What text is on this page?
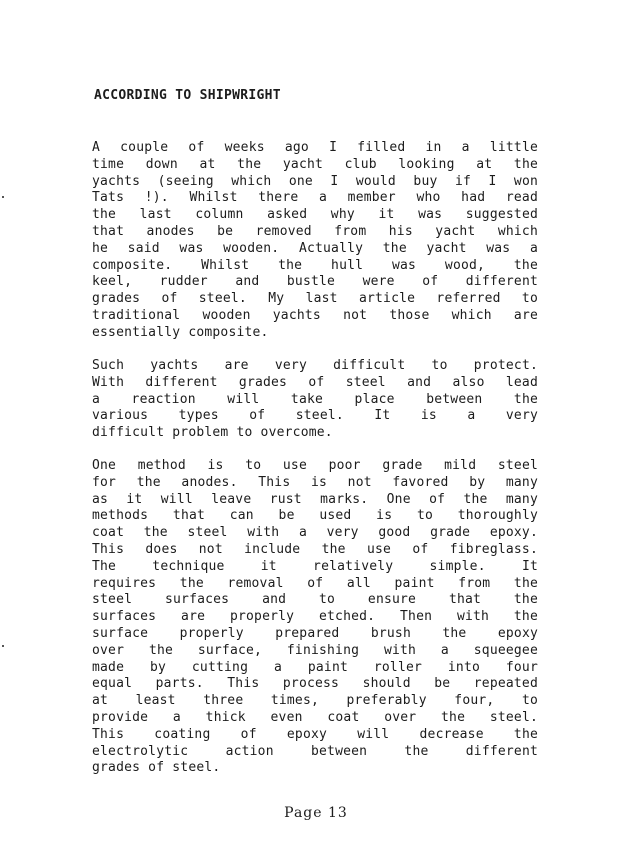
ACCORDING TO SHIPWRIGHT
A couple of weeks ago I filled in a little
time down at the yacht club looking at the
yachts (seeing which one I would buy if I won
Tats !). Whilst there a member who had read
the last column asked why it was suggested
that anodes be removed from his yacht which
he said was wooden. Actually the yacht was a
composite. Whilst the hull was wood, the
keel, rudder and bustle were of different
grades of steel. My last article referred to
traditional wooden yachts not those which are
essentially composite.
Such yachts are very difficult to protect.
With different grades of steel and also lead
a reaction will take place between the
various types of steel. It is a very
difficult problem to overcome.
One method is to use poor grade mild steel
for the anodes. This is not favored by many
as it will leave rust marks. One of the many
methods that can be used is to thoroughly
coat the steel with a very good grade epoxy.
This does not include the use of fibreglass.
The technique it relatively simple. It
requires the removal of all paint from the
steel surfaces and to ensure that the
surfaces are properly etched. Then with the
surface properly prepared brush the epoxy
over the surface, finishing with a squeegee
made by cutting a paint roller into four
equal parts. This process should be repeated
at least three times, preferably four, to
provide a thick even coat over the steel.
This coating of epoxy will decrease the
electrolytic action between the different
grades of steel.
Page 13
